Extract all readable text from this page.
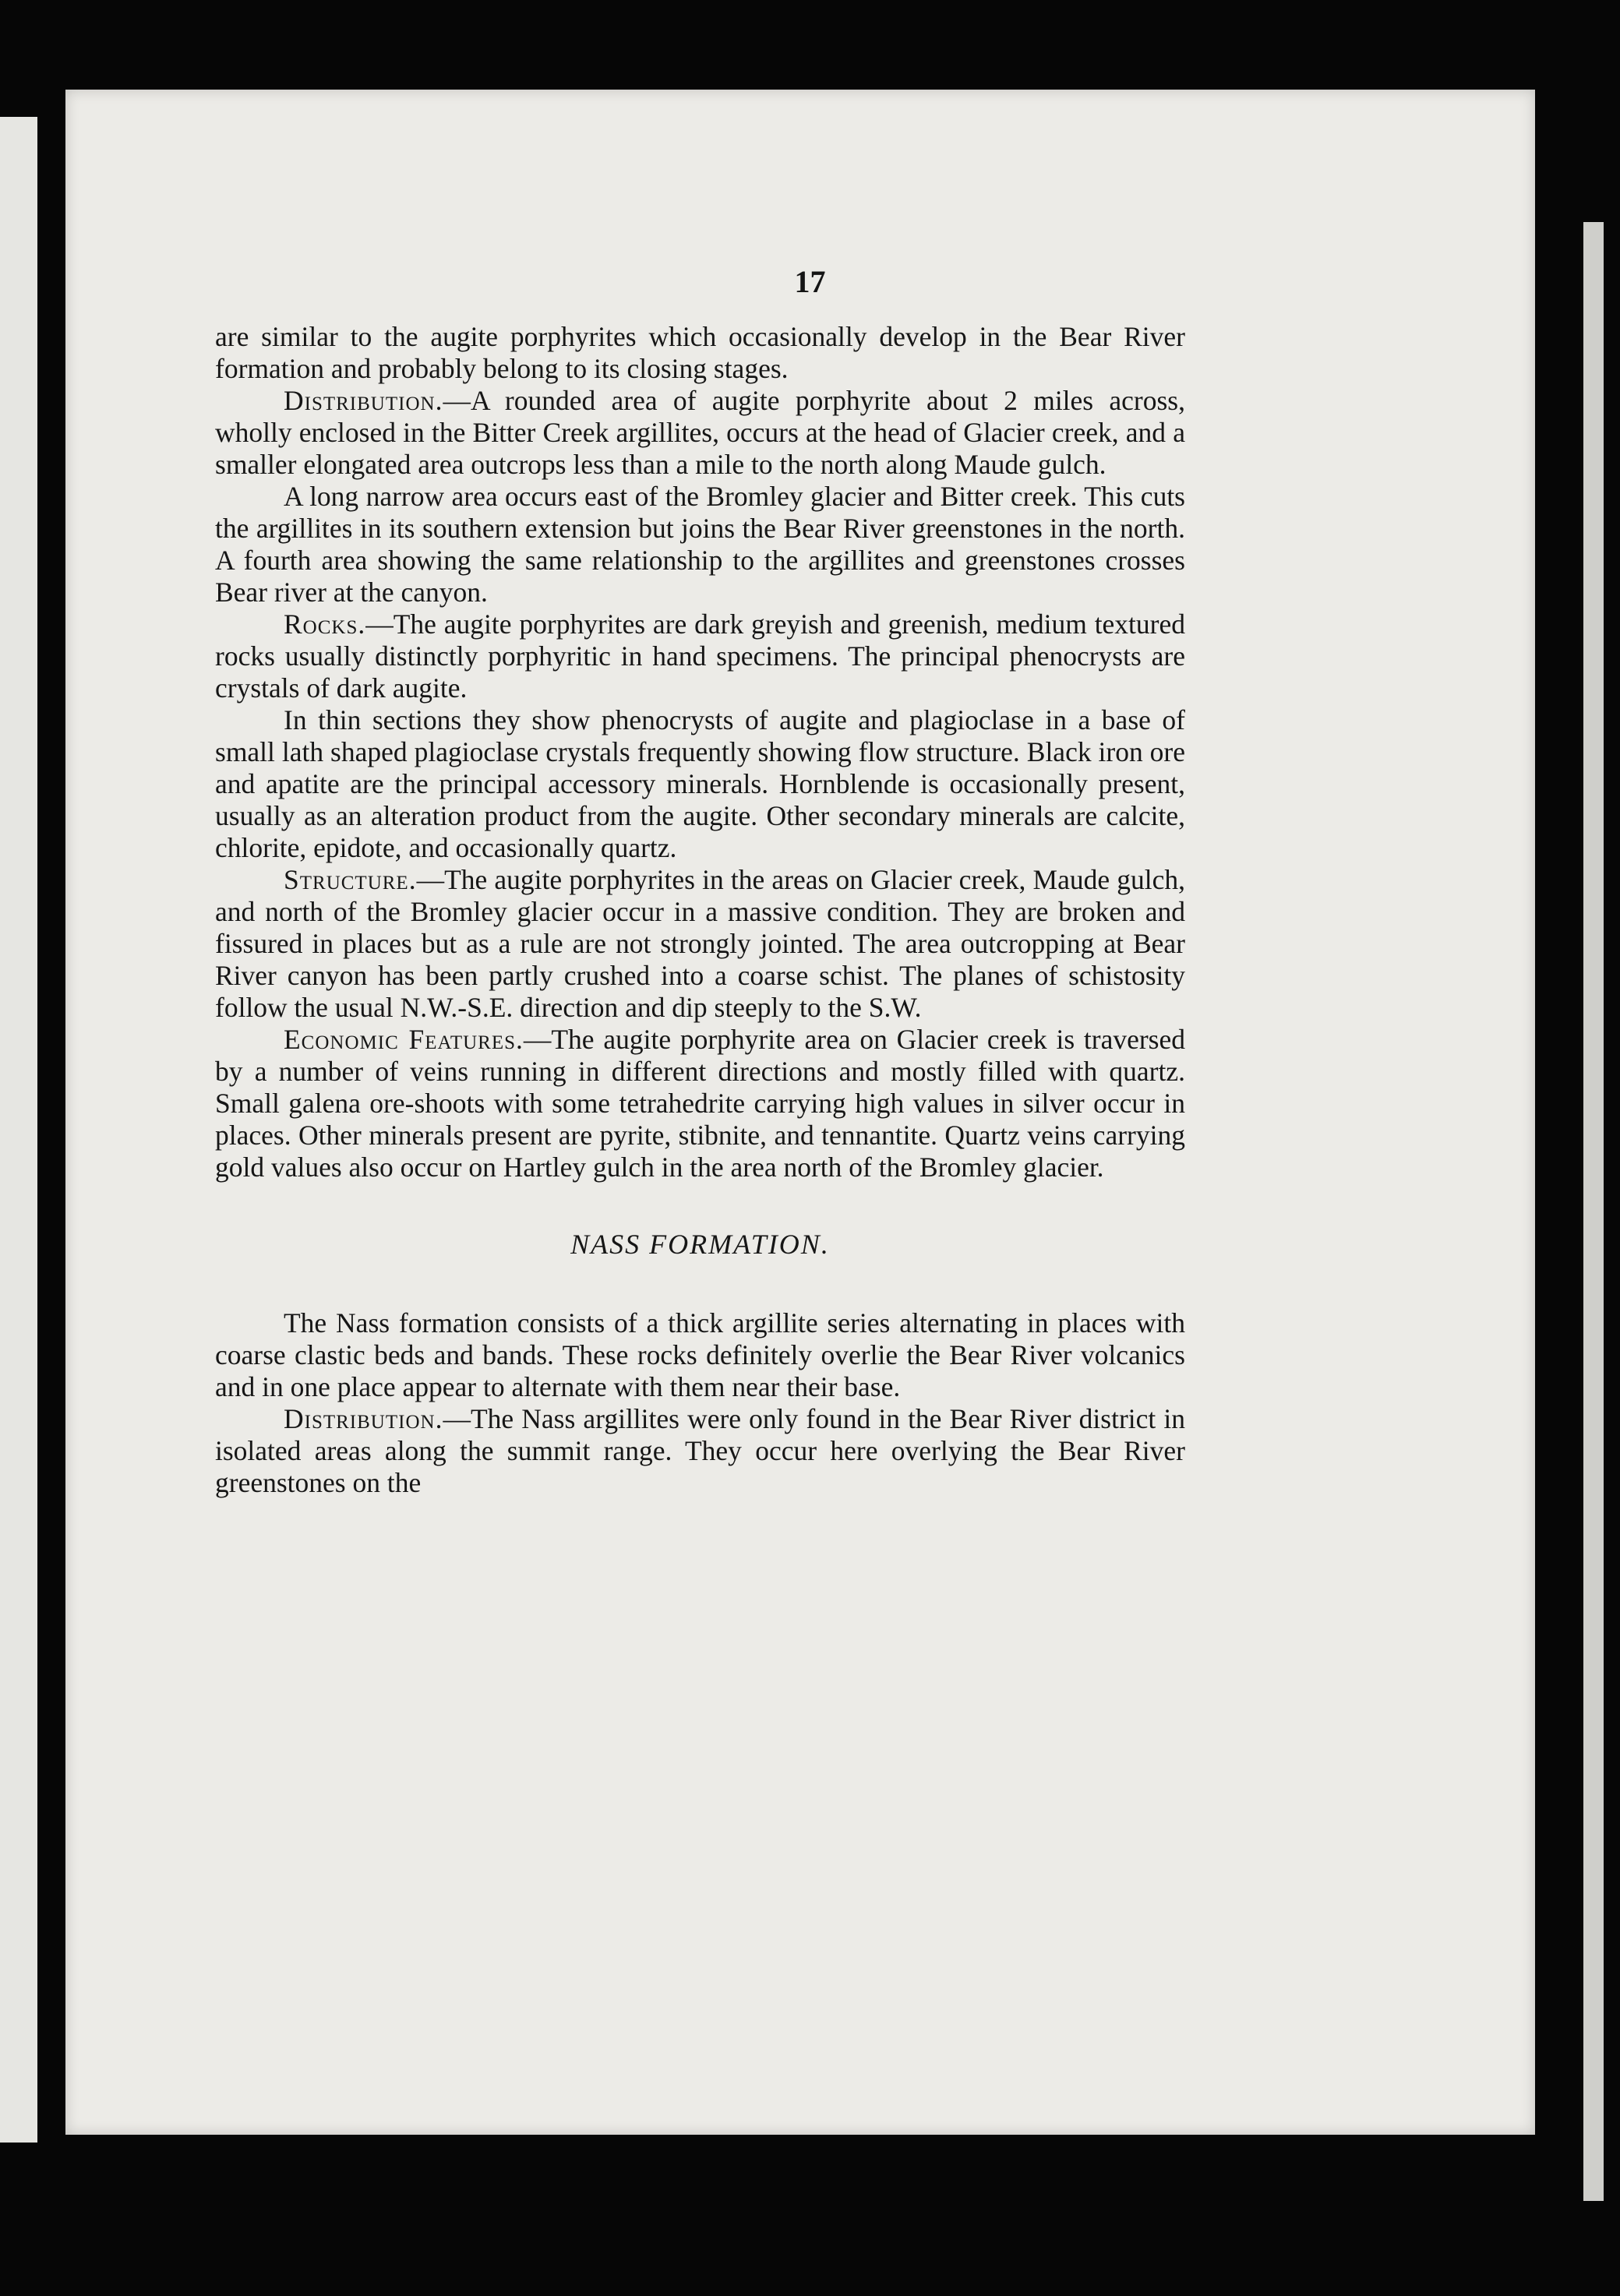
17

are similar to the augite porphyrites which occasionally develop in the Bear River formation and probably belong to its closing stages.

Distribution.—A rounded area of augite porphyrite about 2 miles across, wholly enclosed in the Bitter Creek argillites, occurs at the head of Glacier creek, and a smaller elongated area outcrops less than a mile to the north along Maude gulch.

A long narrow area occurs east of the Bromley glacier and Bitter creek. This cuts the argillites in its southern extension but joins the Bear River greenstones in the north. A fourth area showing the same relationship to the argillites and greenstones crosses Bear river at the canyon.

Rocks.—The augite porphyrites are dark greyish and greenish, medium textured rocks usually distinctly porphyritic in hand specimens. The principal phenocrysts are crystals of dark augite.

In thin sections they show phenocrysts of augite and plagioclase in a base of small lath shaped plagioclase crystals frequently showing flow structure. Black iron ore and apatite are the principal accessory minerals. Hornblende is occasionally present, usually as an alteration product from the augite. Other secondary minerals are calcite, chlorite, epidote, and occasionally quartz.

Structure.—The augite porphyrites in the areas on Glacier creek, Maude gulch, and north of the Bromley glacier occur in a massive condition. They are broken and fissured in places but as a rule are not strongly jointed. The area outcropping at Bear River canyon has been partly crushed into a coarse schist. The planes of schistosity follow the usual N.W.-S.E. direction and dip steeply to the S.W.

Economic Features.—The augite porphyrite area on Glacier creek is traversed by a number of veins running in different directions and mostly filled with quartz. Small galena ore-shoots with some tetrahedrite carrying high values in silver occur in places. Other minerals present are pyrite, stibnite, and tennantite. Quartz veins carrying gold values also occur on Hartley gulch in the area north of the Bromley glacier.

NASS FORMATION.

The Nass formation consists of a thick argillite series alternating in places with coarse clastic beds and bands. These rocks definitely overlie the Bear River volcanics and in one place appear to alternate with them near their base.

Distribution.—The Nass argillites were only found in the Bear River district in isolated areas along the summit range. They occur here overlying the Bear River greenstones on the
